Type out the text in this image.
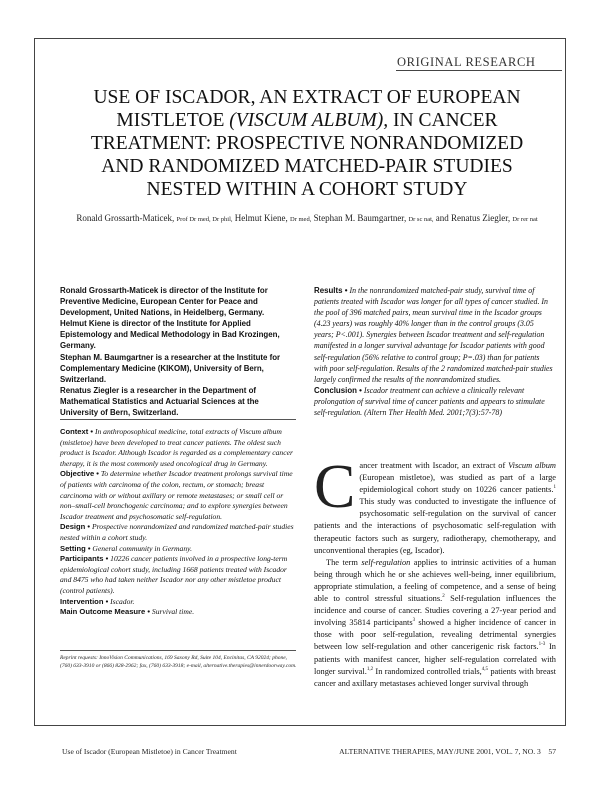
ORIGINAL RESEARCH
USE OF ISCADOR, AN EXTRACT OF EUROPEAN
MISTLETOE (VISCUM ALBUM), IN CANCER
TREATMENT: PROSPECTIVE NONRANDOMIZED
AND RANDOMIZED MATCHED-PAIR STUDIES
NESTED WITHIN A COHORT STUDY
Ronald Grossarth-Maticek, Prof Dr med, Dr phil, Helmut Kiene, Dr med, Stephan M. Baumgartner, Dr sc nat, and Renatus Ziegler, Dr rer nat

Ronald Grossarth-Maticek is director of the Institute for Preventive Medicine, European Center for Peace and Development, United Nations, in Heidelberg, Germany.

Helmut Kiene is director of the Institute for Applied Epistemology and Medical Methodology in Bad Krozingen, Germany.

Stephan M. Baumgartner is a researcher at the Institute for Complementary Medicine (KIKOM), University of Bern, Switzerland.

Renatus Ziegler is a researcher in the Department of Mathematical Statistics and Actuarial Sciences at the University of Bern, Switzerland.

Results • In the nonrandomized matched-pair study, survival time of patients treated with Iscador was longer for all types of cancer studied. In the pool of 396 matched pairs, mean survival time in the Iscador groups (4.23 years) was roughly 40% longer than in the control groups (3.05 years; P<.001). Synergies between Iscador treatment and self-regulation manifested in a longer survival advantage for Iscador patients with good self-regulation (56% relative to control group; P=.03) than for patients with poor self-regulation. Results of the 2 randomized matched-pair studies largely confirmed the results of the nonrandomized studies.

Conclusion • Iscador treatment can achieve a clinically relevant prolongation of survival time of cancer patients and appears to stimulate self-regulation. (Altern Ther Health Med. 2001;7(3):57-78)

Context • In anthroposophical medicine, total extracts of Viscum album (mistletoe) have been developed to treat cancer patients. The oldest such product is Iscador. Although Iscador is regarded as a complementary cancer therapy, it is the most commonly used oncological drug in Germany.

Objective • To determine whether Iscador treatment prolongs survival time of patients with carcinoma of the colon, rectum, or stomach; breast carcinoma with or without axillary or remote metastases; or small cell or non–small-cell bronchogenic carcinoma; and to explore synergies between Iscador treatment and psychosomatic self-regulation.

Design • Prospective nonrandomized and randomized matched-pair studies nested within a cohort study.

Setting • General community in Germany.

Participants • 10226 cancer patients involved in a prospective long-term epidemiological cohort study, including 1668 patients treated with Iscador and 8475 who had taken neither Iscador nor any other mistletoe product (control patients).

Intervention • Iscador.

Main Outcome Measure • Survival time.

Reprint requests: InnoVision Communications, 169 Saxony Rd, Suite 104, Encinitas, CA 92024; phone, (760) 633-3910 or (866) 828-2962; fax, (760) 633-3918; e-mail, alternative.therapies@innerdoorway.com.

Cancer treatment with Iscador, an extract of Viscum album (European mistletoe), was studied as part of a large epidemiological cohort study on 10226 cancer patients.$^1$ This study was conducted to investigate the influence of psychosomatic self-regulation on the survival of cancer patients and the interactions of psychosomatic self-regulation with therapeutic factors such as surgery, radiotherapy, chemotherapy, and unconventional therapies (eg, Iscador).

The term self-regulation applies to intrinsic activities of a human being through which he or she achieves well-being, inner equilibrium, appropriate stimulation, a feeling of competence, and a sense of being able to control stressful situations.$^2$ Self-regulation influences the incidence and course of cancer. Studies covering a 27-year period and involving 35814 participants$^3$ showed a higher incidence of cancer in those with poor self-regulation, revealing detrimental synergies between low self-regulation and other cancerigenic risk factors.$^{1-3}$ In patients with manifest cancer, higher self-regulation correlated with longer survival.$^{1,2}$ In randomized controlled trials,$^{4,5}$ patients with breast cancer and axillary metastases achieved longer survival through

Use of Iscador (European Mistletoe) in Cancer Treatment	ALTERNATIVE THERAPIES, MAY/JUNE 2001, VOL. 7, NO. 3 57
